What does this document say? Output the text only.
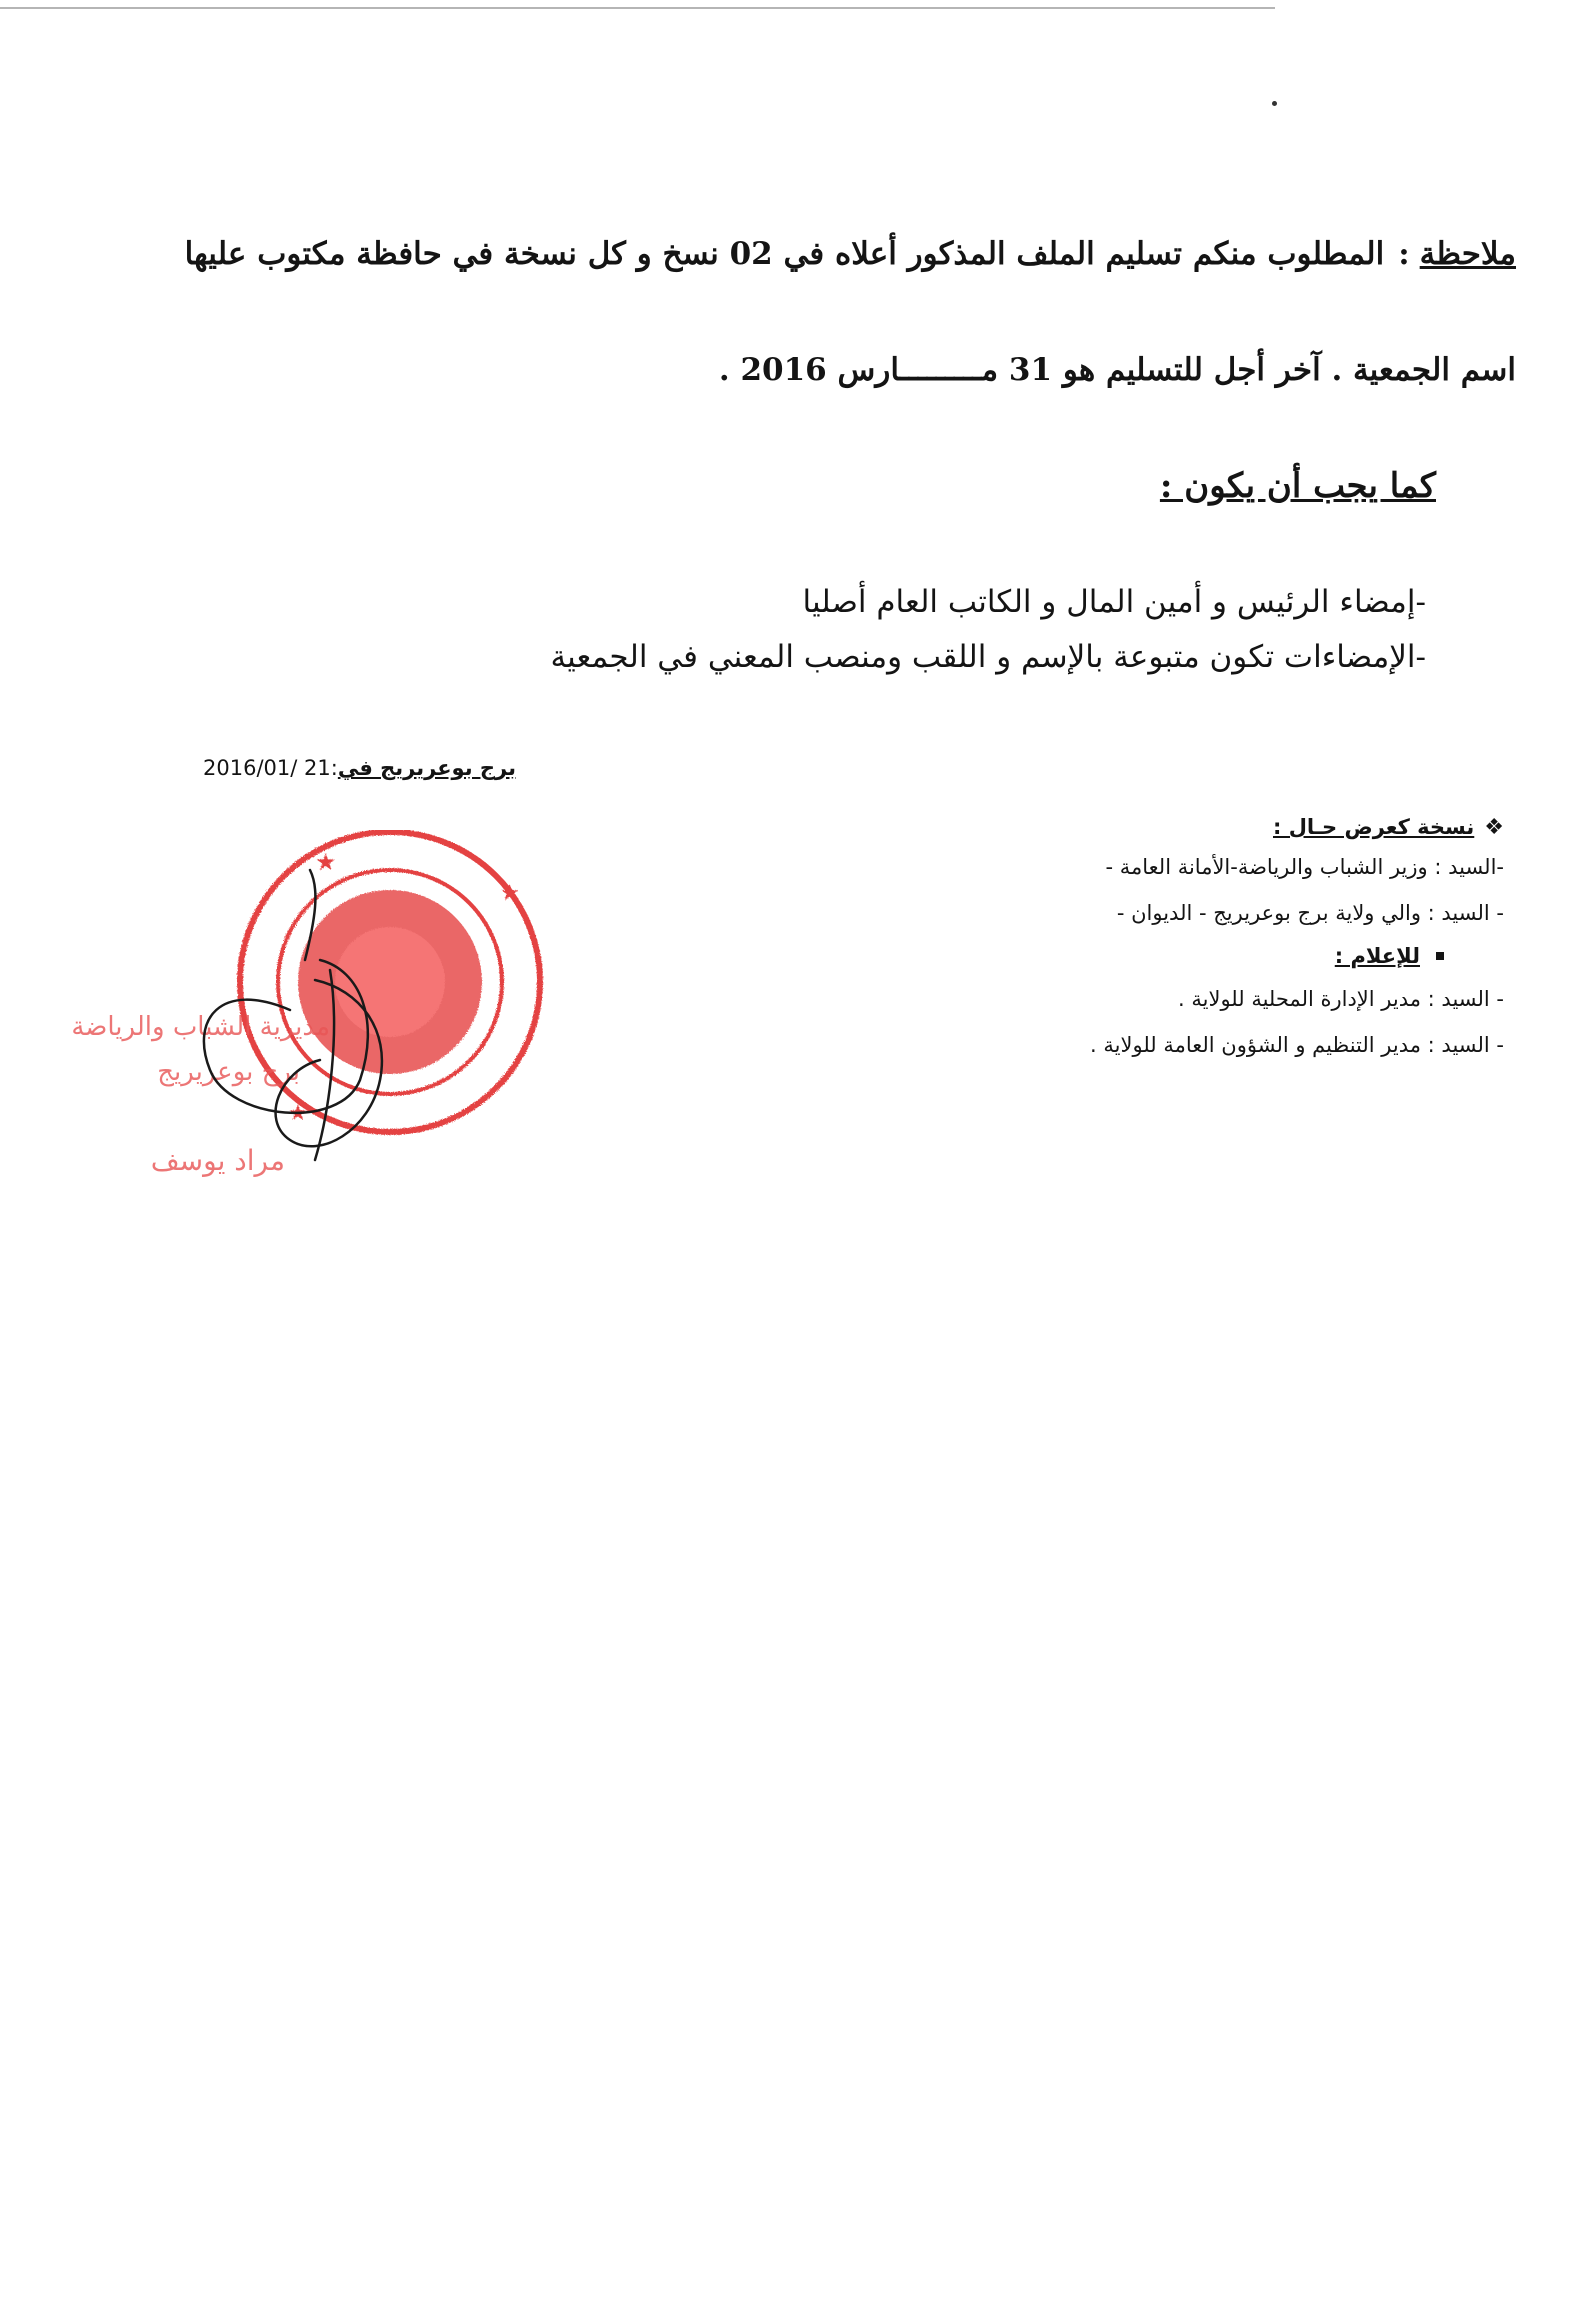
ملاحظة:المطلوب منكم تسليم الملف المذكور أعلاه في 02 نسخ و كل نسخة في حافظة مكتوب عليها
اسم الجمعية . آخر أجل للتسليم هو 31 مـــــــــارس 2016 .
كما يجب أن يكون :
-إمضاء الرئيس و أمين المال و الكاتب العام أصليا
-الإمضاءات تكون متبوعة بالإسم و اللقب ومنصب المعني في الجمعية
برج بوعريريج في:21 /2016/01
❖
نسخة كعرض حـال :
-السيد : وزير الشباب والرياضة-الأمانة العامة -
- السيد : والي ولاية برج بوعريريج - الديوان -
للإعلام :
- السيد : مدير الإدارة المحلية للولاية .
- السيد : مدير التنظيم و الشؤون العامة للولاية .
★
★
★
مديرية الشباب والرياضة
برج بوعريريج
مراد يوسف
